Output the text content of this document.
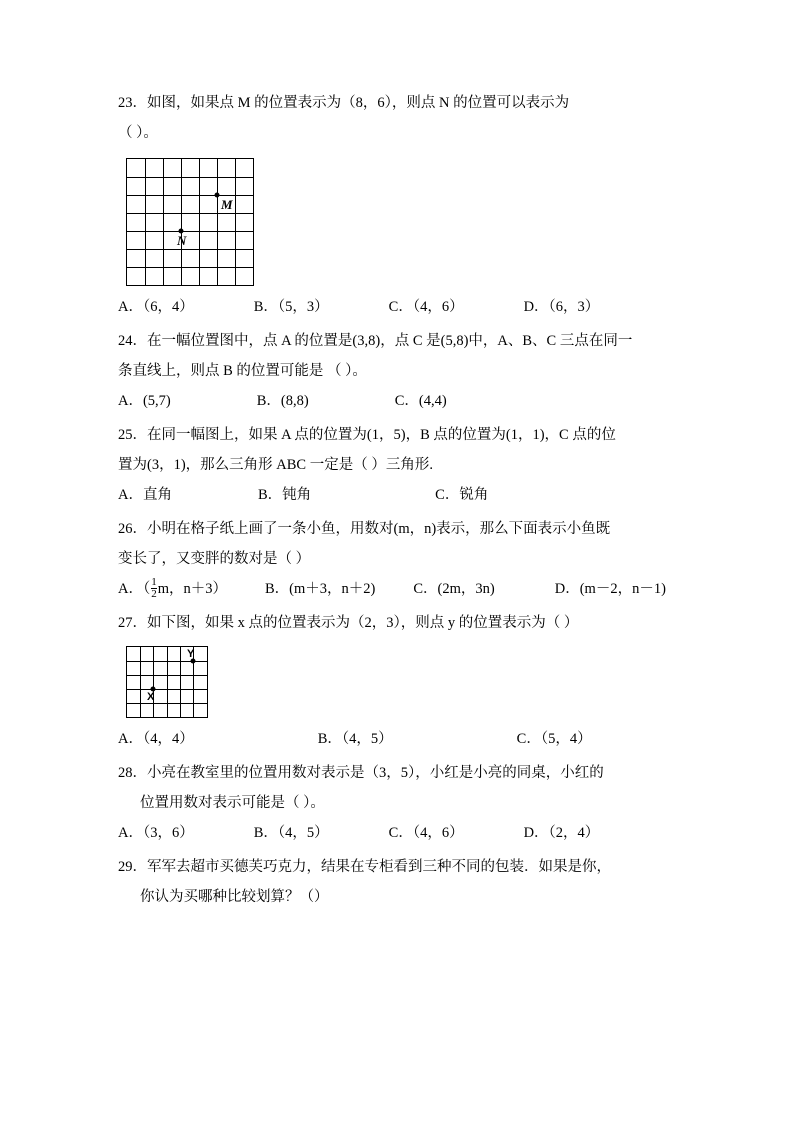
23．如图，如果点 M 的位置表示为（8，6），则点 N 的位置可以表示为
（ ）。
M
N
A．（6，4）	B．（5，3）	C．（4，6）	D．（6，3）
24．在一幅位置图中，点 A 的位置是(3,8)，点 C 是(5,8)中，A、B、C 三点在同一
条直线上，则点 B 的位置可能是 （ ）。
A．(5,7)	B．(8,8)	C．(4,4)
25．在同一幅图上，如果 A 点的位置为(1，5)，B 点的位置为(1，1)，C 点的位
置为(3，1)，那么三角形 ABC 一定是（ ）三角形.
A．直角	B．钝角	C．锐角
26．小明在格子纸上画了一条小鱼，用数对(m，n)表示，那么下面表示小鱼既
变长了，又变胖的数对是（ ）
A．（ $\frac{1}{2}$ m，n＋3）	B．(m＋3，n＋2)	C．(2m，3n)	D．(m－2，n－1)
27．如下图，如果 x 点的位置表示为（2，3），则点 y 的位置表示为（ ）
X
Y
A．（4，4）	B．（4，5）	C．（5，4）
28．小亮在教室里的位置用数对表示是（3，5），小红是小亮的同桌，小红的
位置用数对表示可能是（ ）。
A．（3，6）	B．（4，5）	C．（4，6）	D．（2，4）
29．军军去超市买德芙巧克力，结果在专柜看到三种不同的包装．如果是你，
你认为买哪种比较划算？（）
